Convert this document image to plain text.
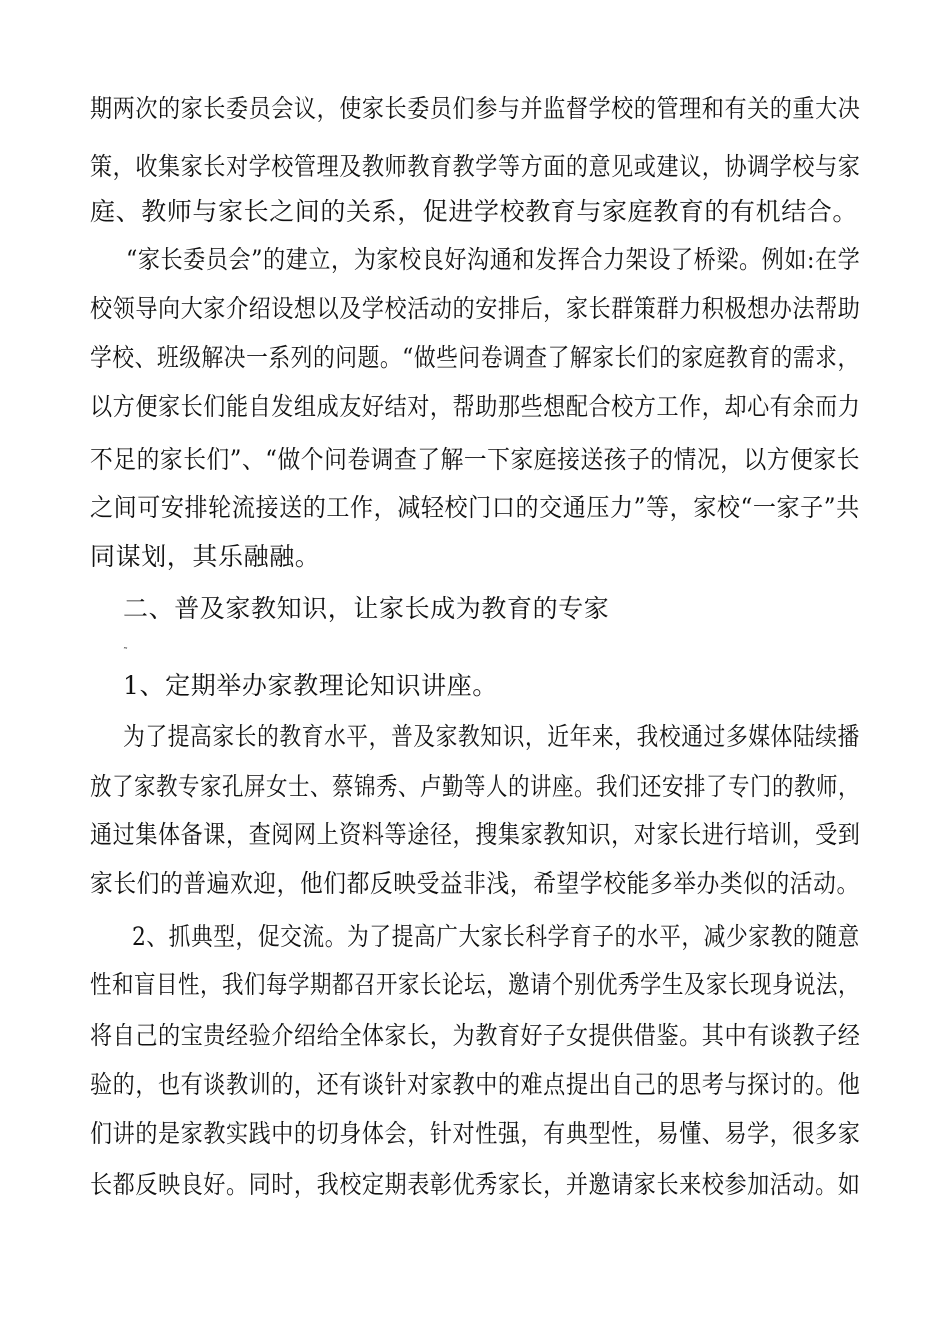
期两次的家长委员会议，使家长委员们参与并监督学校的管理和有关的重大决
策，收集家长对学校管理及教师教育教学等方面的意见或建议，协调学校与家
庭、教师与家长之间的关系，促进学校教育与家庭教育的有机结合。
“家长委员会”的建立，为家校良好沟通和发挥合力架设了桥梁。例如:在学
校领导向大家介绍设想以及学校活动的安排后，家长群策群力积极想办法帮助
学校、班级解决一系列的问题。“做些问卷调查了解家长们的家庭教育的需求，
以方便家长们能自发组成友好结对，帮助那些想配合校方工作，却心有余而力
不足的家长们”、“做个问卷调查了解一下家庭接送孩子的情况，以方便家长
之间可安排轮流接送的工作，减轻校门口的交通压力”等，家校“一家子”共
同谋划，其乐融融。
二、普及家教知识，让家长成为教育的专家
˜
1、定期举办家教理论知识讲座。
为了提高家长的教育水平，普及家教知识，近年来，我校通过多媒体陆续播
放了家教专家孔屏女士、蔡锦秀、卢勤等人的讲座。我们还安排了专门的教师，
通过集体备课，查阅网上资料等途径，搜集家教知识，对家长进行培训，受到
家长们的普遍欢迎，他们都反映受益非浅，希望学校能多举办类似的活动。
2、抓典型，促交流。为了提高广大家长科学育子的水平，减少家教的随意
性和盲目性，我们每学期都召开家长论坛，邀请个别优秀学生及家长现身说法，
将自己的宝贵经验介绍给全体家长，为教育好子女提供借鉴。其中有谈教子经
验的，也有谈教训的，还有谈针对家教中的难点提出自己的思考与探讨的。他
们讲的是家教实践中的切身体会，针对性强，有典型性，易懂、易学，很多家
长都反映良好。同时，我校定期表彰优秀家长，并邀请家长来校参加活动。如
